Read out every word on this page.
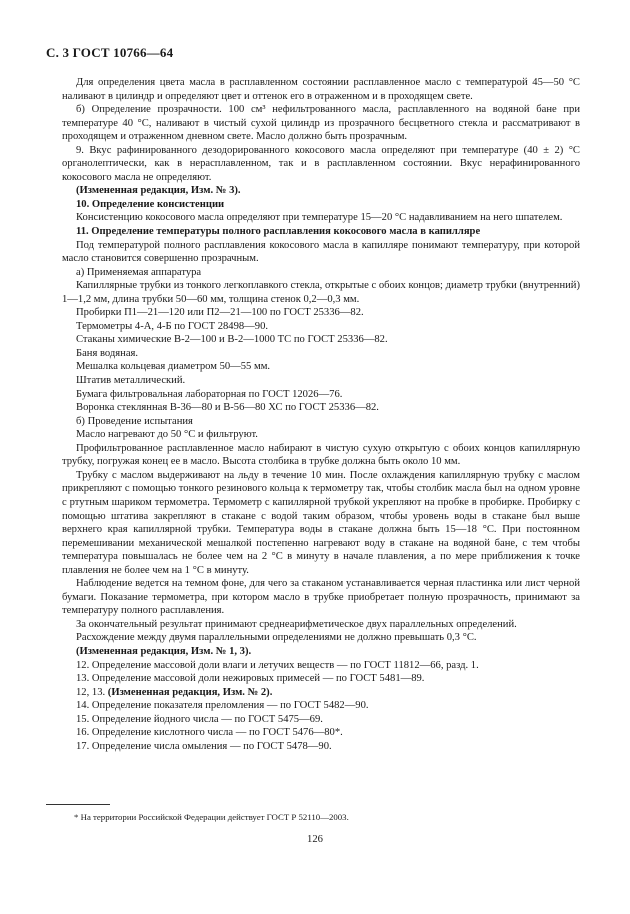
С. 3 ГОСТ 10766—64

Для определения цвета масла в расплавленном состоянии расплавленное масло с температурой 45—50 °С наливают в цилиндр и определяют цвет и оттенок его в отраженном и в проходящем свете.

б) Определение прозрачности. 100 см³ нефильтрованного масла, расплавленного на водяной бане при температуре 40 °С, наливают в чистый сухой цилиндр из прозрачного бесцветного стекла и рассматривают в проходящем и отраженном дневном свете. Масло должно быть прозрачным.

9. Вкус рафинированного дезодорированного кокосового масла определяют при температуре (40 ± 2) °С органолептически, как в нерасплавленном, так и в расплавленном состоянии. Вкус нерафинированного кокосового масла не определяют.

(Измененная редакция, Изм. № 3).

10. Определение консистенции

Консистенцию кокосового масла определяют при температуре 15—20 °С надавливанием на него шпателем.

11. Определение температуры полного расплавления кокосового масла в капилляре

Под температурой полного расплавления кокосового масла в капилляре понимают температуру, при которой масло становится совершенно прозрачным.

а) Применяемая аппаратура

Капиллярные трубки из тонкого легкоплавкого стекла, открытые с обоих концов; диаметр трубки (внутренний) 1—1,2 мм, длина трубки 50—60 мм, толщина стенок 0,2—0,3 мм.

Пробирки П1—21—120 или П2—21—100 по ГОСТ 25336—82.

Термометры 4-А, 4-Б по ГОСТ 28498—90.

Стаканы химические В-2—100 и В-2—1000 ТС по ГОСТ 25336—82.

Баня водяная.

Мешалка кольцевая диаметром 50—55 мм.

Штатив металлический.

Бумага фильтровальная лабораторная по ГОСТ 12026—76.

Воронка стеклянная В-36—80 и В-56—80 ХС по ГОСТ 25336—82.

б) Проведение испытания

Масло нагревают до 50 °С и фильтруют.

Профильтрованное расплавленное масло набирают в чистую сухую открытую с обоих концов капиллярную трубку, погружая конец ее в масло. Высота столбика в трубке должна быть около 10 мм.

Трубку с маслом выдерживают на льду в течение 10 мин. После охлаждения капиллярную трубку с маслом прикрепляют с помощью тонкого резинового кольца к термометру так, чтобы столбик масла был на одном уровне с ртутным шариком термометра. Термометр с капиллярной трубкой укрепляют на пробке в пробирке. Пробирку с помощью штатива закрепляют в стакане с водой таким образом, чтобы уровень воды в стакане был выше верхнего края капиллярной трубки. Температура воды в стакане должна быть 15—18 °С. При постоянном перемешивании механической мешалкой постепенно нагревают воду в стакане на водяной бане, с тем чтобы температура повышалась не более чем на 2 °С в минуту в начале плавления, а по мере приближения к точке плавления не более чем на 1 °С в минуту.

Наблюдение ведется на темном фоне, для чего за стаканом устанавливается черная пластинка или лист черной бумаги. Показание термометра, при котором масло в трубке приобретает полную прозрачность, принимают за температуру полного расплавления.

За окончательный результат принимают среднеарифметическое двух параллельных определений.

Расхождение между двумя параллельными определениями не должно превышать 0,3 °С.

(Измененная редакция, Изм. № 1, 3).

12. Определение массовой доли влаги и летучих веществ — по ГОСТ 11812—66, разд. 1.

13. Определение массовой доли нежировых примесей — по ГОСТ 5481—89.

12, 13. (Измененная редакция, Изм. № 2).

14. Определение показателя преломления — по ГОСТ 5482—90.

15. Определение йодного числа — по ГОСТ 5475—69.

16. Определение кислотного числа — по ГОСТ 5476—80*.

17. Определение числа омыления — по ГОСТ 5478—90.

* На территории Российской Федерации действует ГОСТ Р 52110—2003.
126
